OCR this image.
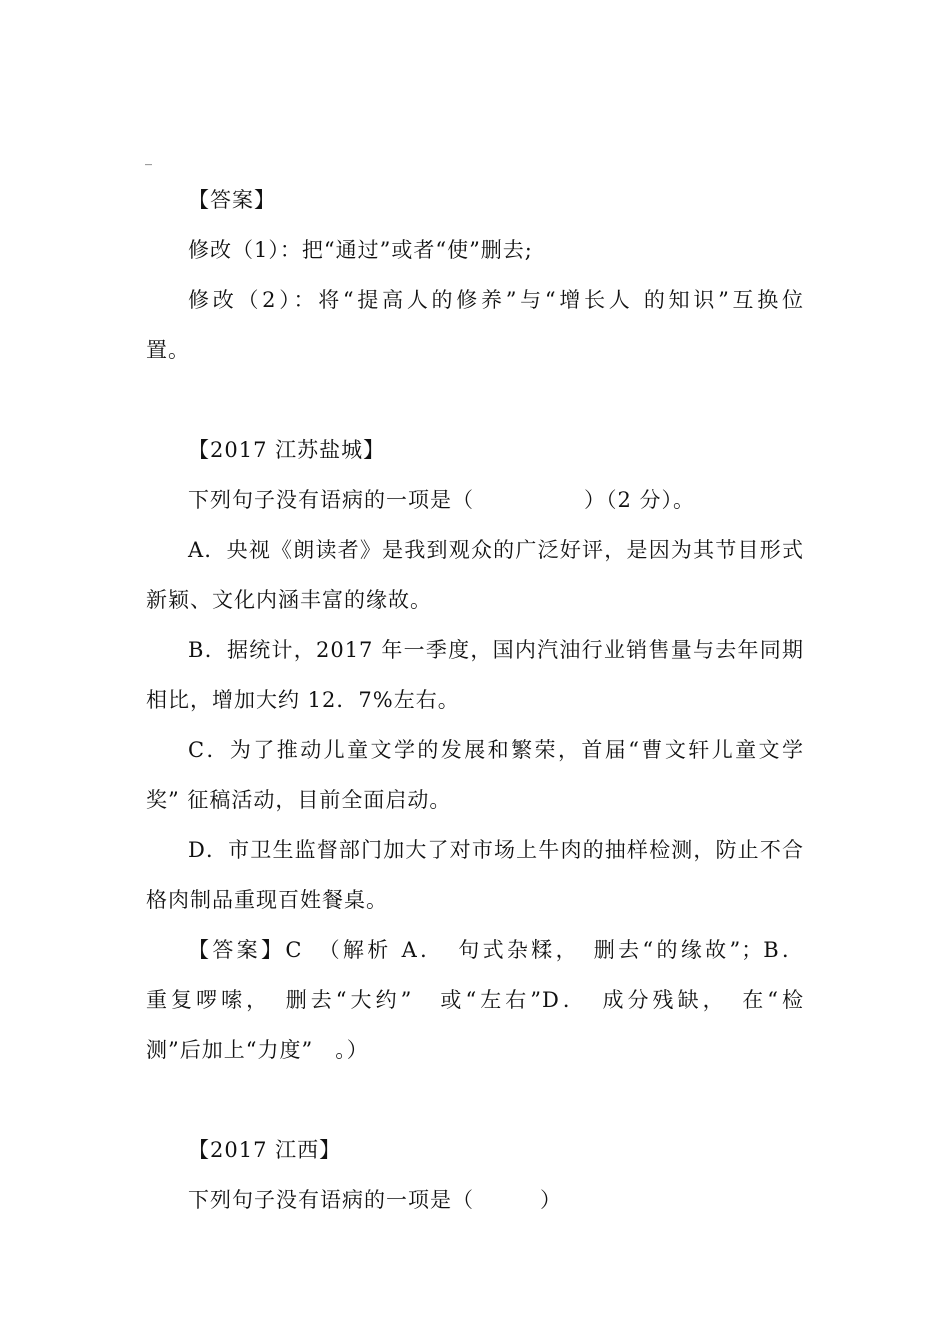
_
【答案】
修改（1）：把“通过”或者“使”删去;
修改（2）：将“提高人的修养”与“增长人 的知识”互换位
置。
【2017 江苏盐城】
下列句子没有语病的一项是（　　　　　）（2 分）。
A．央视《朗读者》是我到观众的广泛好评，是因为其节目形式
新颖、文化内涵丰富的缘故。
B．据统计，2017 年一季度，国内汽油行业销售量与去年同期
相比，增加大约 12．7%左右。
C．为了推动儿童文学的发展和繁荣，首届“曹文轩儿童文学
奖” 征稿活动，目前全面启动。
D．市卫生监督部门加大了对市场上牛肉的抽样检测，防止不合
格肉制品重现百姓餐桌。
【答案】C　（解析 A．　句式杂糅，　删去“的缘故”；B．
重复啰嗦，　删去“大约”　或“左右”D．　成分残缺，　在“检
测”后加上“力度”　。）
【2017 江西】
下列句子没有语病的一项是（　　　）
